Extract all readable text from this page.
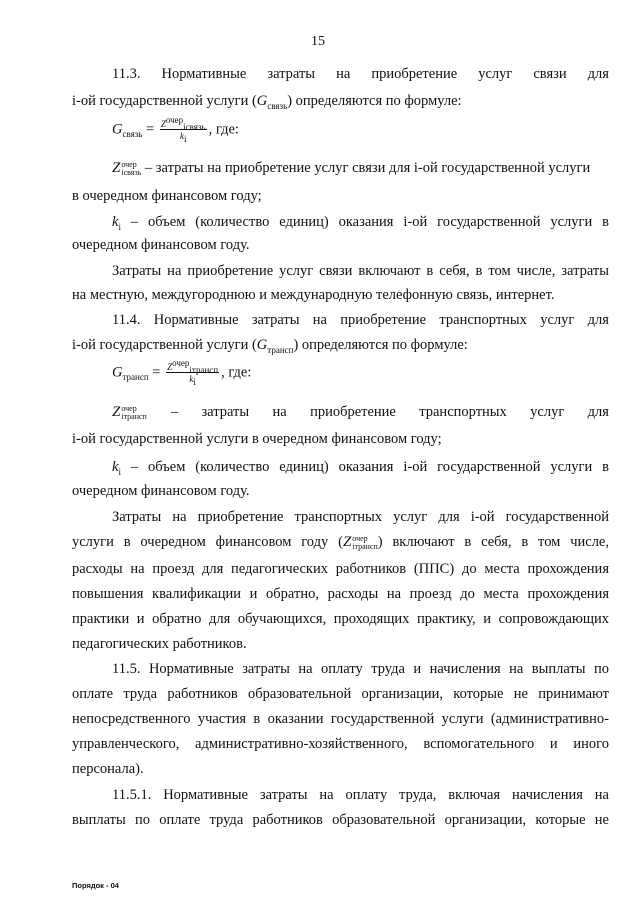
15
11.3. Нормативные затраты на приобретение услуг связи для
i-ой государственной услуги $(G_{связь})$ определяются по формуле:
$G_{связь} = \frac{Z^{очер}_{iсвязь}}{k_i}$ , где:
Z очер
iсвязь – затраты на приобретение услуг связи для i-ой государственной услуги
в очередном финансовом году;
$k_i$ – объем (количество единиц) оказания i-ой государственной услуги в
очередном финансовом году.
Затраты на приобретение услуг связи включают в себя, в том числе, затраты
на местную, междугороднюю и международную телефонную связь, интернет.
11.4. Нормативные затраты на приобретение транспортных услуг для
i-ой государственной услуги $(G_{трансп})$ определяются по формуле:
$G_{трансп} = \frac{Z^{очер}_{iтрансп}}{k_i}$ , где:
Z очер
iтрансп – затраты на приобретение транспортных услуг для
i-ой государственной услуги в очередном финансовом году;
$k_i$ – объем (количество единиц) оказания i-ой государственной услуги в
очередном финансовом году.
Затраты на приобретение транспортных услуг для i-ой государственной
услуги в очередном финансовом году (Z очер
iтрансп ) включают в себя, в том числе,
расходы на проезд для педагогических работников (ППС) до места прохождения
повышения квалификации и обратно, расходы на проезд до места прохождения
практики и обратно для обучающихся, проходящих практику, и сопровождающих
педагогических работников.
11.5. Нормативные затраты на оплату труда и начисления на выплаты по
оплате труда работников образовательной организации, которые не принимают
непосредственного участия в оказании государственной услуги (административно-
управленческого, административно-хозяйственного, вспомогательного и иного
персонала).
11.5.1. Нормативные затраты на оплату труда, включая начисления на
выплаты по оплате труда работников образовательной организации, которые не
Порядок - 04
